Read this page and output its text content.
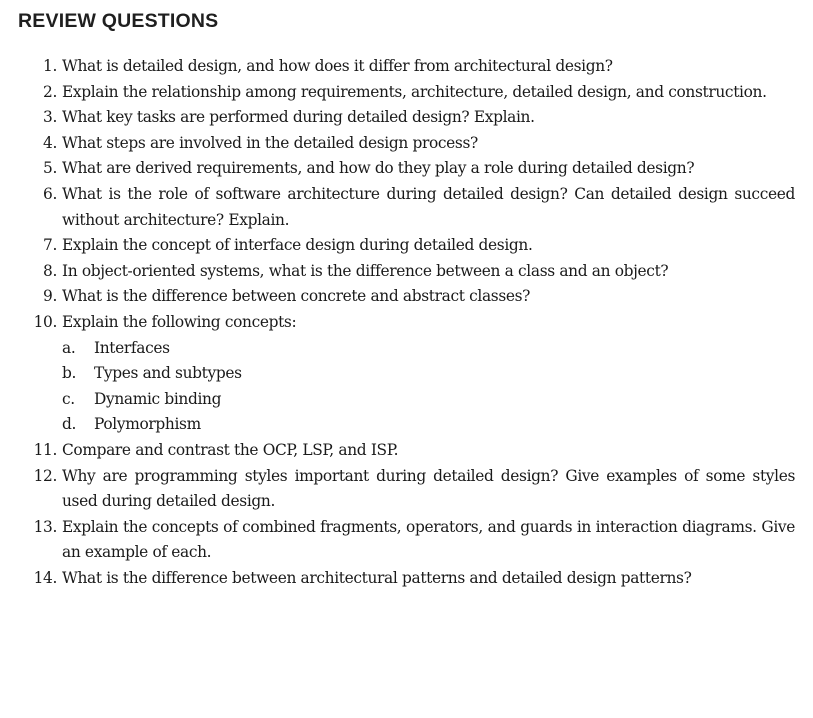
REVIEW QUESTIONS
1. What is detailed design, and how does it differ from architectural design?
2. Explain the relationship among requirements, architecture, detailed design, and construction.
3. What key tasks are performed during detailed design? Explain.
4. What steps are involved in the detailed design process?
5. What are derived requirements, and how do they play a role during detailed design?
6. What is the role of software architecture during detailed design? Can detailed design succeed without architecture? Explain.
7. Explain the concept of interface design during detailed design.
8. In object-oriented systems, what is the difference between a class and an object?
9. What is the difference between concrete and abstract classes?
10. Explain the following concepts:
a.	Interfaces
b.	Types and subtypes
c.	Dynamic binding
d.	Polymorphism
11. Compare and contrast the OCP, LSP, and ISP.
12. Why are programming styles important during detailed design? Give examples of some styles used during detailed design.
13. Explain the concepts of combined fragments, operators, and guards in interaction diagrams. Give an example of each.
14. What is the difference between architectural patterns and detailed design patterns?
